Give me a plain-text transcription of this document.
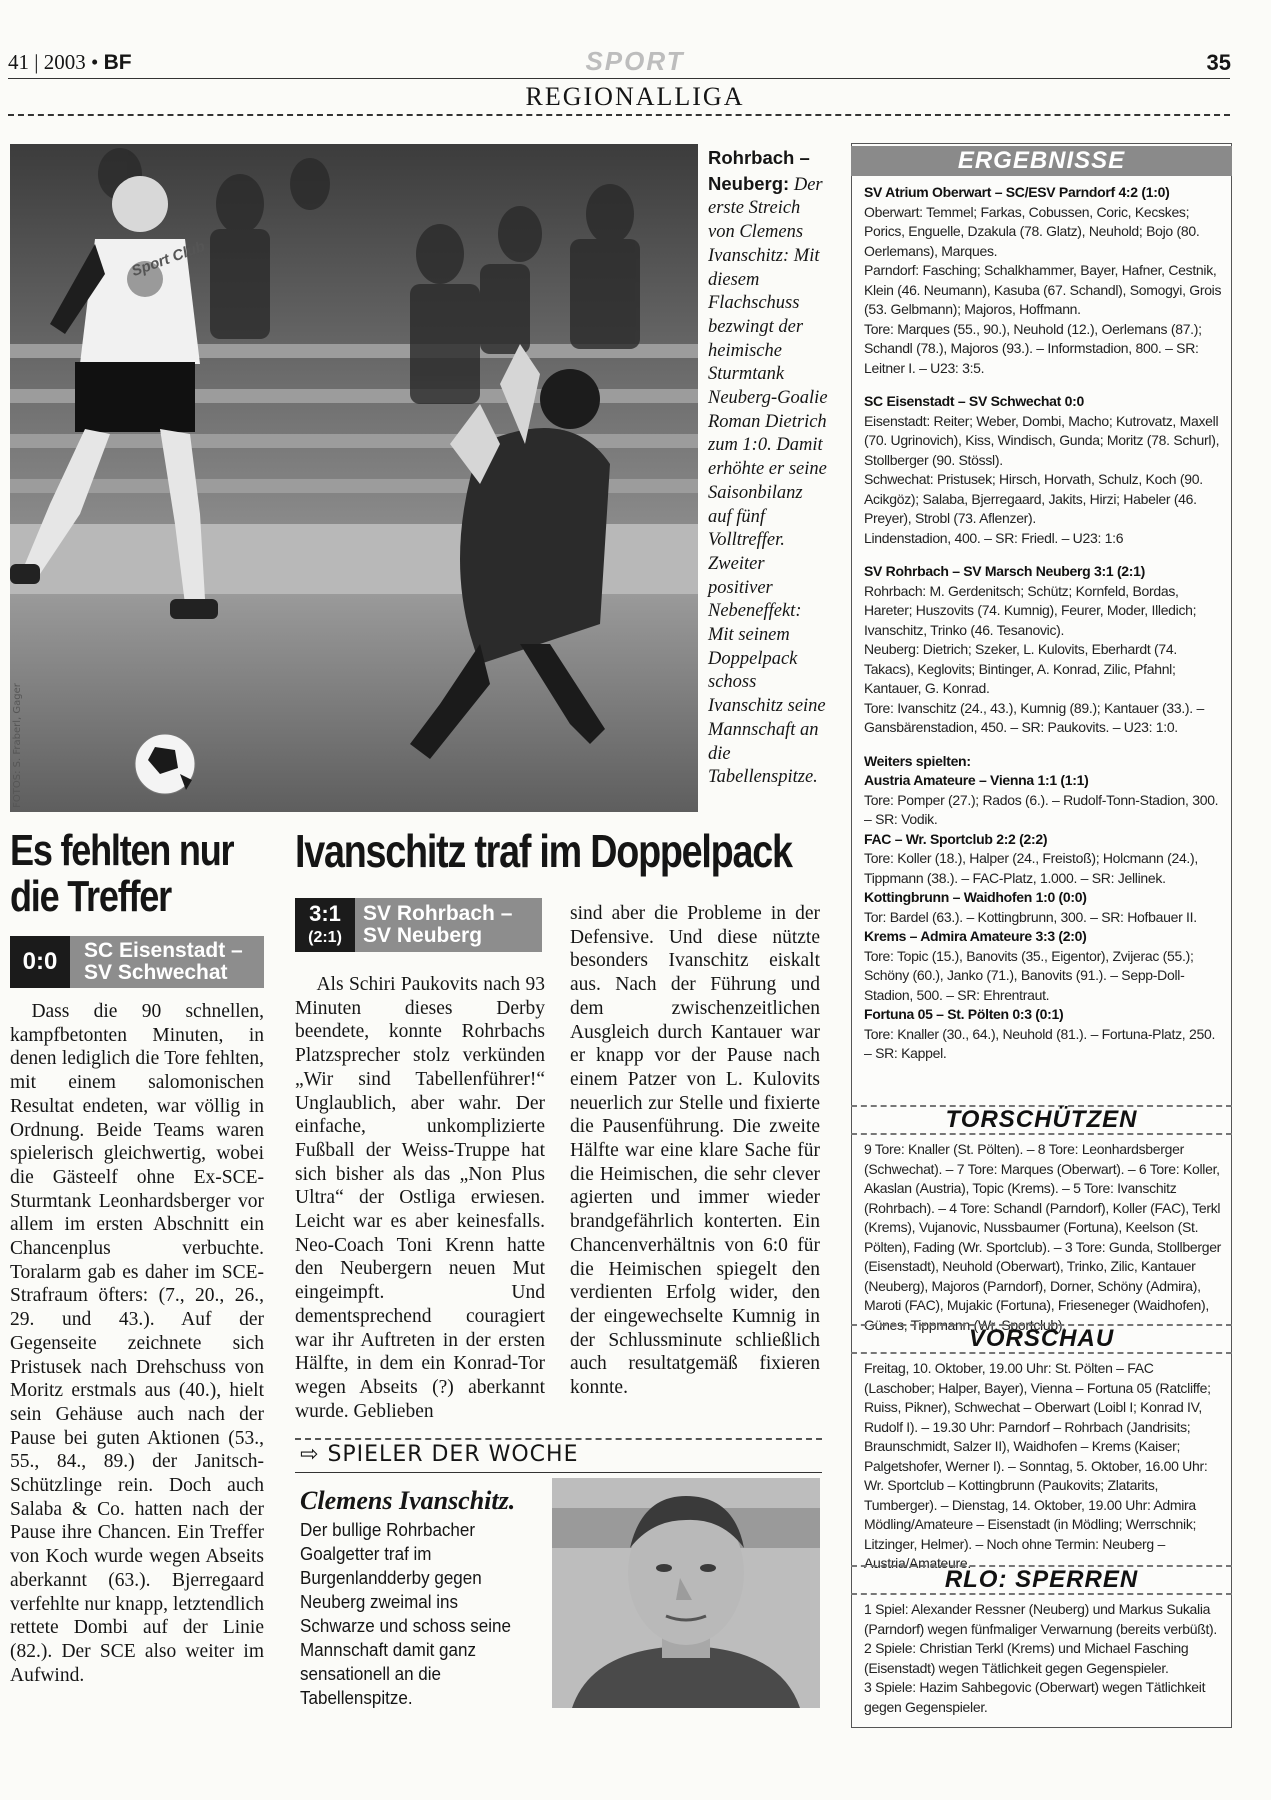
41 | 2003 • BF	SPORT	35
REGIONALLIGA
Sport Club
FOTOS: S. Fraberl, Gager
Rohrbach – Neuberg: Der erste Streich von Clemens Ivanschitz: Mit diesem Flachschuss bezwingt der heimische Sturmtank Neuberg-Goalie Roman Dietrich zum 1:0. Damit erhöhte er seine Saisonbilanz auf fünf Volltreffer. Zweiter positiver Nebeneffekt: Mit seinem Doppelpack schoss Ivanschitz seine Mannschaft an die Tabellenspitze.
Es fehlten nur
die Treffer
0:0	SC Eisenstadt –
SV Schwechat

Dass die 90 schnellen, kampfbetonten Minuten, in denen lediglich die Tore fehlten, mit einem salomonischen Resultat endeten, war völlig in Ordnung. Beide Teams waren spielerisch gleichwertig, wobei die Gästeelf ohne Ex-SCE-Sturmtank Leonhardsberger vor allem im ersten Abschnitt ein Chancenplus verbuchte. Toralarm gab es daher im SCE-Strafraum öfters: (7., 20., 26., 29. und 43.). Auf der Gegenseite zeichnete sich Pristusek nach Drehschuss von Moritz erstmals aus (40.), hielt sein Gehäuse auch nach der Pause bei guten Aktionen (53., 55., 84., 89.) der Janitsch-Schützlinge rein. Doch auch Salaba & Co. hatten nach der Pause ihre Chancen. Ein Treffer von Koch wurde wegen Abseits aberkannt (63.). Bjerregaard verfehlte nur knapp, letztendlich rettete Dombi auf der Linie (82.). Der SCE also weiter im Aufwind.

Ivanschitz traf im Doppelpack
3:1
(2:1)
SV Rohrbach –
SV Neuberg

Als Schiri Paukovits nach 93 Minuten dieses Derby beendete, konnte Rohrbachs Platzsprecher stolz verkünden „Wir sind Tabellenführer!“ Unglaublich, aber wahr. Der einfache, unkomplizierte Fußball der Weiss-Truppe hat sich bisher als das „Non Plus Ultra“ der Ostliga erwiesen. Leicht war es aber keinesfalls. Neo-Coach Toni Krenn hatte den Neubergern neuen Mut eingeimpft. Und dementsprechend couragiert war ihr Auftreten in der ersten Hälfte, in dem ein Konrad-Tor wegen Abseits (?) aberkannt wurde. Geblieben

sind aber die Probleme in der Defensive. Und diese nützte besonders Ivanschitz eiskalt aus. Nach der Führung und dem zwischenzeitlichen Ausgleich durch Kantauer war er knapp vor der Pause nach einem Patzer von L. Kulovits neuerlich zur Stelle und fixierte die Pausenführung. Die zweite Hälfte war eine klare Sache für die Heimischen, die sehr clever agierten und immer wieder brandgefährlich konterten. Ein Chancenverhältnis von 6:0 für die Heimischen spiegelt den verdienten Erfolg wider, den der eingewechselte Kumnig in der Schlussminute schließlich auch resultatgemäß fixieren konnte.

⇨ SPIELER DER WOCHE
Clemens Ivanschitz.
Der bullige Rohrbacher Goalgetter traf im Burgenlandderby gegen Neuberg zweimal ins Schwarze und schoss seine Mannschaft damit ganz sensationell an die Tabellenspitze.
ERGEBNISSE
SV Atrium Oberwart – SC/ESV Parndorf 4:2 (1:0)
Oberwart: Temmel; Farkas, Cobussen, Coric, Kecskes; Porics, Enguelle, Dzakula (78. Glatz), Neuhold; Bojo (80. Oerlemans), Marques.
Parndorf: Fasching; Schalkhammer, Bayer, Hafner, Cestnik, Klein (46. Neumann), Kasuba (67. Schandl), Somogyi, Grois (53. Gelbmann); Majoros, Hoffmann.
Tore: Marques (55., 90.), Neuhold (12.), Oerlemans (87.); Schandl (78.), Majoros (93.). – Informstadion, 800. – SR: Leitner I. – U23: 3:5.
SC Eisenstadt – SV Schwechat 0:0
Eisenstadt: Reiter; Weber, Dombi, Macho; Kutrovatz, Maxell (70. Ugrinovich), Kiss, Windisch, Gunda; Moritz (78. Schurl), Stollberger (90. Stössl).
Schwechat: Pristusek; Hirsch, Horvath, Schulz, Koch (90. Acikgöz); Salaba, Bjerregaard, Jakits, Hirzi; Habeler (46. Preyer), Strobl (73. Aflenzer).
Lindenstadion, 400. – SR: Friedl. – U23: 1:6
SV Rohrbach – SV Marsch Neuberg 3:1 (2:1)
Rohrbach: M. Gerdenitsch; Schütz; Kornfeld, Bordas, Hareter; Huszovits (74. Kumnig), Feurer, Moder, Illedich; Ivanschitz, Trinko (46. Tesanovic).
Neuberg: Dietrich; Szeker, L. Kulovits, Eberhardt (74. Takacs), Keglovits; Bintinger, A. Konrad, Zilic, Pfahnl; Kantauer, G. Konrad.
Tore: Ivanschitz (24., 43.), Kumnig (89.); Kantauer (33.). – Gansbärenstadion, 450. – SR: Paukovits. – U23: 1:0.
Weiters spielten:
Austria Amateure – Vienna 1:1 (1:1)
Tore: Pomper (27.); Rados (6.). – Rudolf-Tonn-Stadion, 300. – SR: Vodik.
FAC – Wr. Sportclub 2:2 (2:2)
Tore: Koller (18.), Halper (24., Freistoß); Holcmann (24.), Tippmann (38.). – FAC-Platz, 1.000. – SR: Jellinek.
Kottingbrunn – Waidhofen 1:0 (0:0)
Tor: Bardel (63.). – Kottingbrunn, 300. – SR: Hofbauer II.
Krems – Admira Amateure 3:3 (2:0)
Tore: Topic (15.), Banovits (35., Eigentor), Zvijerac (55.); Schöny (60.), Janko (71.), Banovits (91.). – Sepp-Doll-Stadion, 500. – SR: Ehrentraut.
Fortuna 05 – St. Pölten 0:3 (0:1)
Tore: Knaller (30., 64.), Neuhold (81.). – Fortuna-Platz, 250. – SR: Kappel.
TORSCHÜTZEN
9 Tore: Knaller (St. Pölten). – 8 Tore: Leonhardsberger (Schwechat). – 7 Tore: Marques (Oberwart). – 6 Tore: Koller, Akaslan (Austria), Topic (Krems). – 5 Tore: Ivanschitz (Rohrbach). – 4 Tore: Schandl (Parndorf), Koller (FAC), Terkl (Krems), Vujanovic, Nussbaumer (Fortuna), Keelson (St. Pölten), Fading (Wr. Sportclub). – 3 Tore: Gunda, Stollberger (Eisenstadt), Neuhold (Oberwart), Trinko, Zilic, Kantauer (Neuberg), Majoros (Parndorf), Dorner, Schöny (Admira), Maroti (FAC), Mujakic (Fortuna), Frieseneger (Waidhofen), Günes, Tippmann (Wr. Sportclub).
VORSCHAU
Freitag, 10. Oktober, 19.00 Uhr: St. Pölten – FAC (Laschober; Halper, Bayer), Vienna – Fortuna 05 (Ratcliffe; Ruiss, Pikner), Schwechat – Oberwart (Loibl I; Konrad IV, Rudolf I). – 19.30 Uhr: Parndorf – Rohrbach (Jandrisits; Braunschmidt, Salzer II), Waidhofen – Krems (Kaiser; Palgetshofer, Werner I). – Sonntag, 5. Oktober, 16.00 Uhr: Wr. Sportclub – Kottingbrunn (Paukovits; Zlatarits, Tumberger). – Dienstag, 14. Oktober, 19.00 Uhr: Admira Mödling/Amateure – Eisenstadt (in Mödling; Werrschnik; Litzinger, Helmer). – Noch ohne Termin: Neuberg – Austria/Amateure.
RLO: SPERREN
1 Spiel: Alexander Ressner (Neuberg) und Markus Sukalia (Parndorf) wegen fünfmaliger Verwarnung (bereits verbüßt).
2 Spiele: Christian Terkl (Krems) und Michael Fasching (Eisenstadt) wegen Tätlichkeit gegen Gegenspieler.
3 Spiele: Hazim Sahbegovic (Oberwart) wegen Tätlichkeit gegen Gegenspieler.
